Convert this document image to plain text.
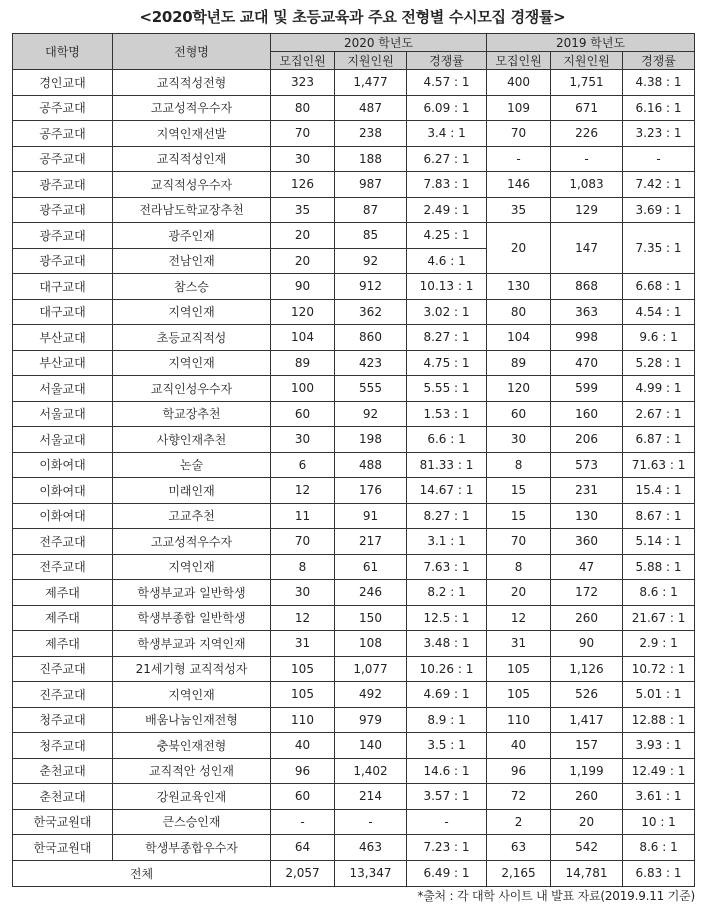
<2020학년도 교대 및 초등교육과 주요 전형별 수시모집 경쟁률>
대학명	전형명	2020 학년도			2019 학년도		
		모집인원	지원인원	경쟁률	모집인원	지원인원	경쟁률
경인교대	교직적성전형	323	1,477	4.57 : 1	400	1,751	4.38 : 1
공주교대	고교성적우수자	80	487	6.09 : 1	109	671	6.16 : 1
공주교대	지역인재선발	70	238	3.4 : 1	70	226	3.23 : 1
공주교대	교직적성인재	30	188	6.27 : 1	-	-	-
광주교대	교직적성우수자	126	987	7.83 : 1	146	1,083	7.42 : 1
광주교대	전라남도학교장추천	35	87	2.49 : 1	35	129	3.69 : 1
광주교대	광주인재	20	85	4.25 : 1	20	147	7.35 : 1
광주교대	전남인재	20	92	4.6 : 1			
대구교대	참스승	90	912	10.13 : 1	130	868	6.68 : 1
대구교대	지역인재	120	362	3.02 : 1	80	363	4.54 : 1
부산교대	초등교직적성	104	860	8.27 : 1	104	998	9.6 : 1
부산교대	지역인재	89	423	4.75 : 1	89	470	5.28 : 1
서울교대	교직인성우수자	100	555	5.55 : 1	120	599	4.99 : 1
서울교대	학교장추천	60	92	1.53 : 1	60	160	2.67 : 1
서울교대	사향인재추천	30	198	6.6 : 1	30	206	6.87 : 1
이화여대	논술	6	488	81.33 : 1	8	573	71.63 : 1
이화여대	미래인재	12	176	14.67 : 1	15	231	15.4 : 1
이화여대	고교추천	11	91	8.27 : 1	15	130	8.67 : 1
전주교대	고교성적우수자	70	217	3.1 : 1	70	360	5.14 : 1
전주교대	지역인재	8	61	7.63 : 1	8	47	5.88 : 1
제주대	학생부교과 일반학생	30	246	8.2 : 1	20	172	8.6 : 1
제주대	학생부종합 일반학생	12	150	12.5 : 1	12	260	21.67 : 1
제주대	학생부교과 지역인재	31	108	3.48 : 1	31	90	2.9 : 1
진주교대	21세기형 교직적성자	105	1,077	10.26 : 1	105	1,126	10.72 : 1
진주교대	지역인재	105	492	4.69 : 1	105	526	5.01 : 1
청주교대	배움나눔인재전형	110	979	8.9 : 1	110	1,417	12.88 : 1
청주교대	충북인재전형	40	140	3.5 : 1	40	157	3.93 : 1
춘천교대	교직적안 성인재	96	1,402	14.6 : 1	96	1,199	12.49 : 1
춘천교대	강원교육인재	60	214	3.57 : 1	72	260	3.61 : 1
한국교원대	큰스승인재	-	-	-	2	20	10 : 1
한국교원대	학생부종합우수자	64	463	7.23 : 1	63	542	8.6 : 1
전체		2,057	13,347	6.49 : 1	2,165	14,781	6.83 : 1
*출처 : 각 대학 사이트 내 발표 자료(2019.9.11 기준)
